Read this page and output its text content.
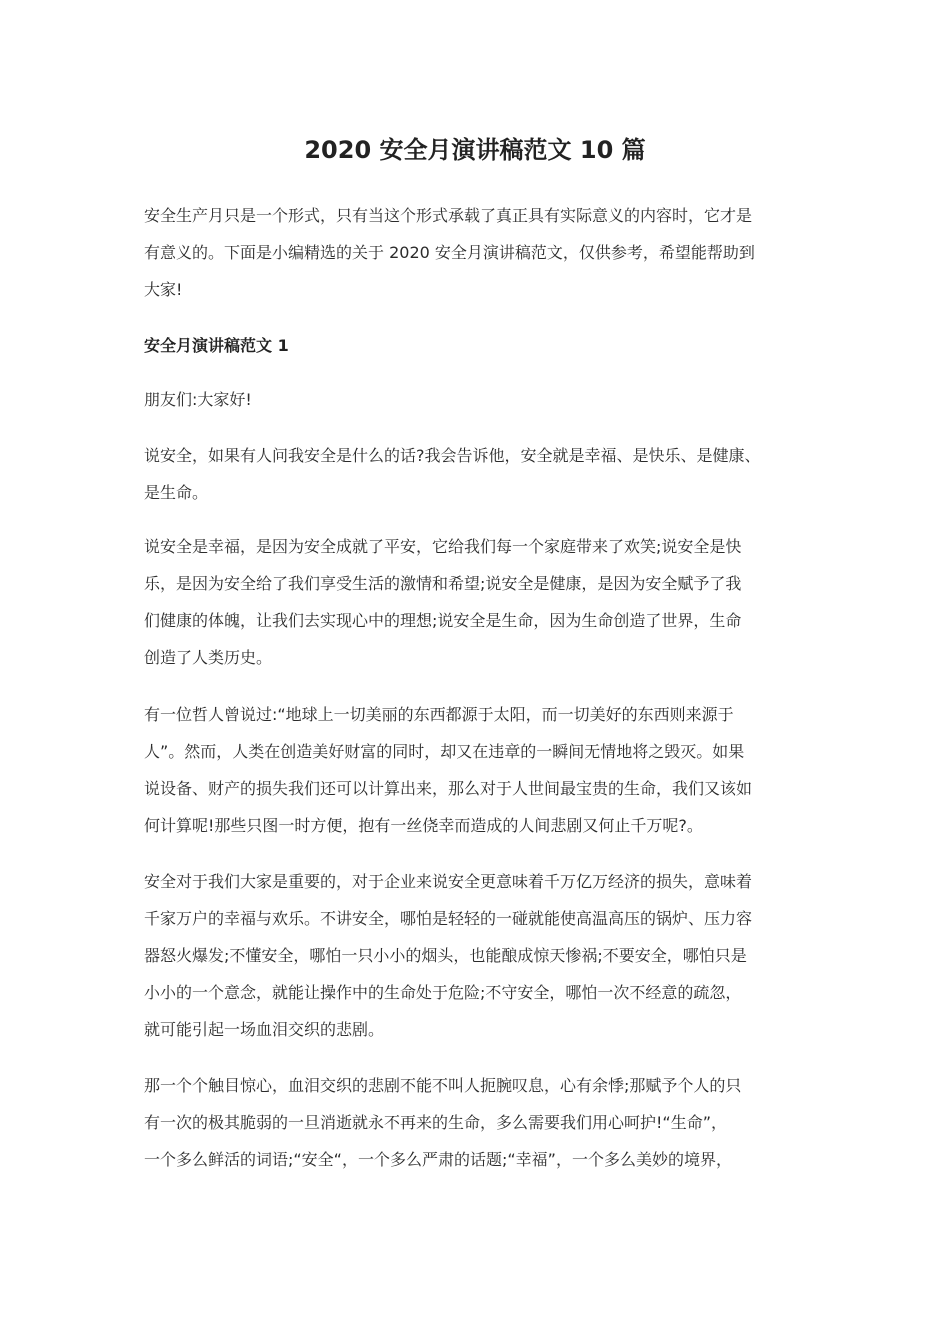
2020 安全月演讲稿范文 10 篇

安全生产月只是一个形式，只有当这个形式承载了真正具有实际意义的内容时，它才是
有意义的。下面是小编精选的关于 2020 安全月演讲稿范文，仅供参考，希望能帮助到
大家!

安全月演讲稿范文 1

朋友们:大家好!

说安全，如果有人问我安全是什么的话?我会告诉他，安全就是幸福、是快乐、是健康、
是生命。

说安全是幸福，是因为安全成就了平安，它给我们每一个家庭带来了欢笑;说安全是快
乐，是因为安全给了我们享受生活的激情和希望;说安全是健康，是因为安全赋予了我
们健康的体魄，让我们去实现心中的理想;说安全是生命，因为生命创造了世界，生命
创造了人类历史。

有一位哲人曾说过:“地球上一切美丽的东西都源于太阳，而一切美好的东西则来源于
人”。然而，人类在创造美好财富的同时，却又在违章的一瞬间无情地将之毁灭。如果
说设备、财产的损失我们还可以计算出来，那么对于人世间最宝贵的生命，我们又该如
何计算呢!那些只图一时方便，抱有一丝侥幸而造成的人间悲剧又何止千万呢?。

安全对于我们大家是重要的，对于企业来说安全更意味着千万亿万经济的损失，意味着
千家万户的幸福与欢乐。不讲安全，哪怕是轻轻的一碰就能使高温高压的锅炉、压力容
器怒火爆发;不懂安全，哪怕一只小小的烟头，也能酿成惊天惨祸;不要安全，哪怕只是
小小的一个意念，就能让操作中的生命处于危险;不守安全，哪怕一次不经意的疏忽，
就可能引起一场血泪交织的悲剧。

那一个个触目惊心，血泪交织的悲剧不能不叫人扼腕叹息，心有余悸;那赋予个人的只
有一次的极其脆弱的一旦消逝就永不再来的生命，多么需要我们用心呵护!“生命”，
一个多么鲜活的词语;“安全“，一个多么严肃的话题;“幸福”，一个多么美妙的境界，
